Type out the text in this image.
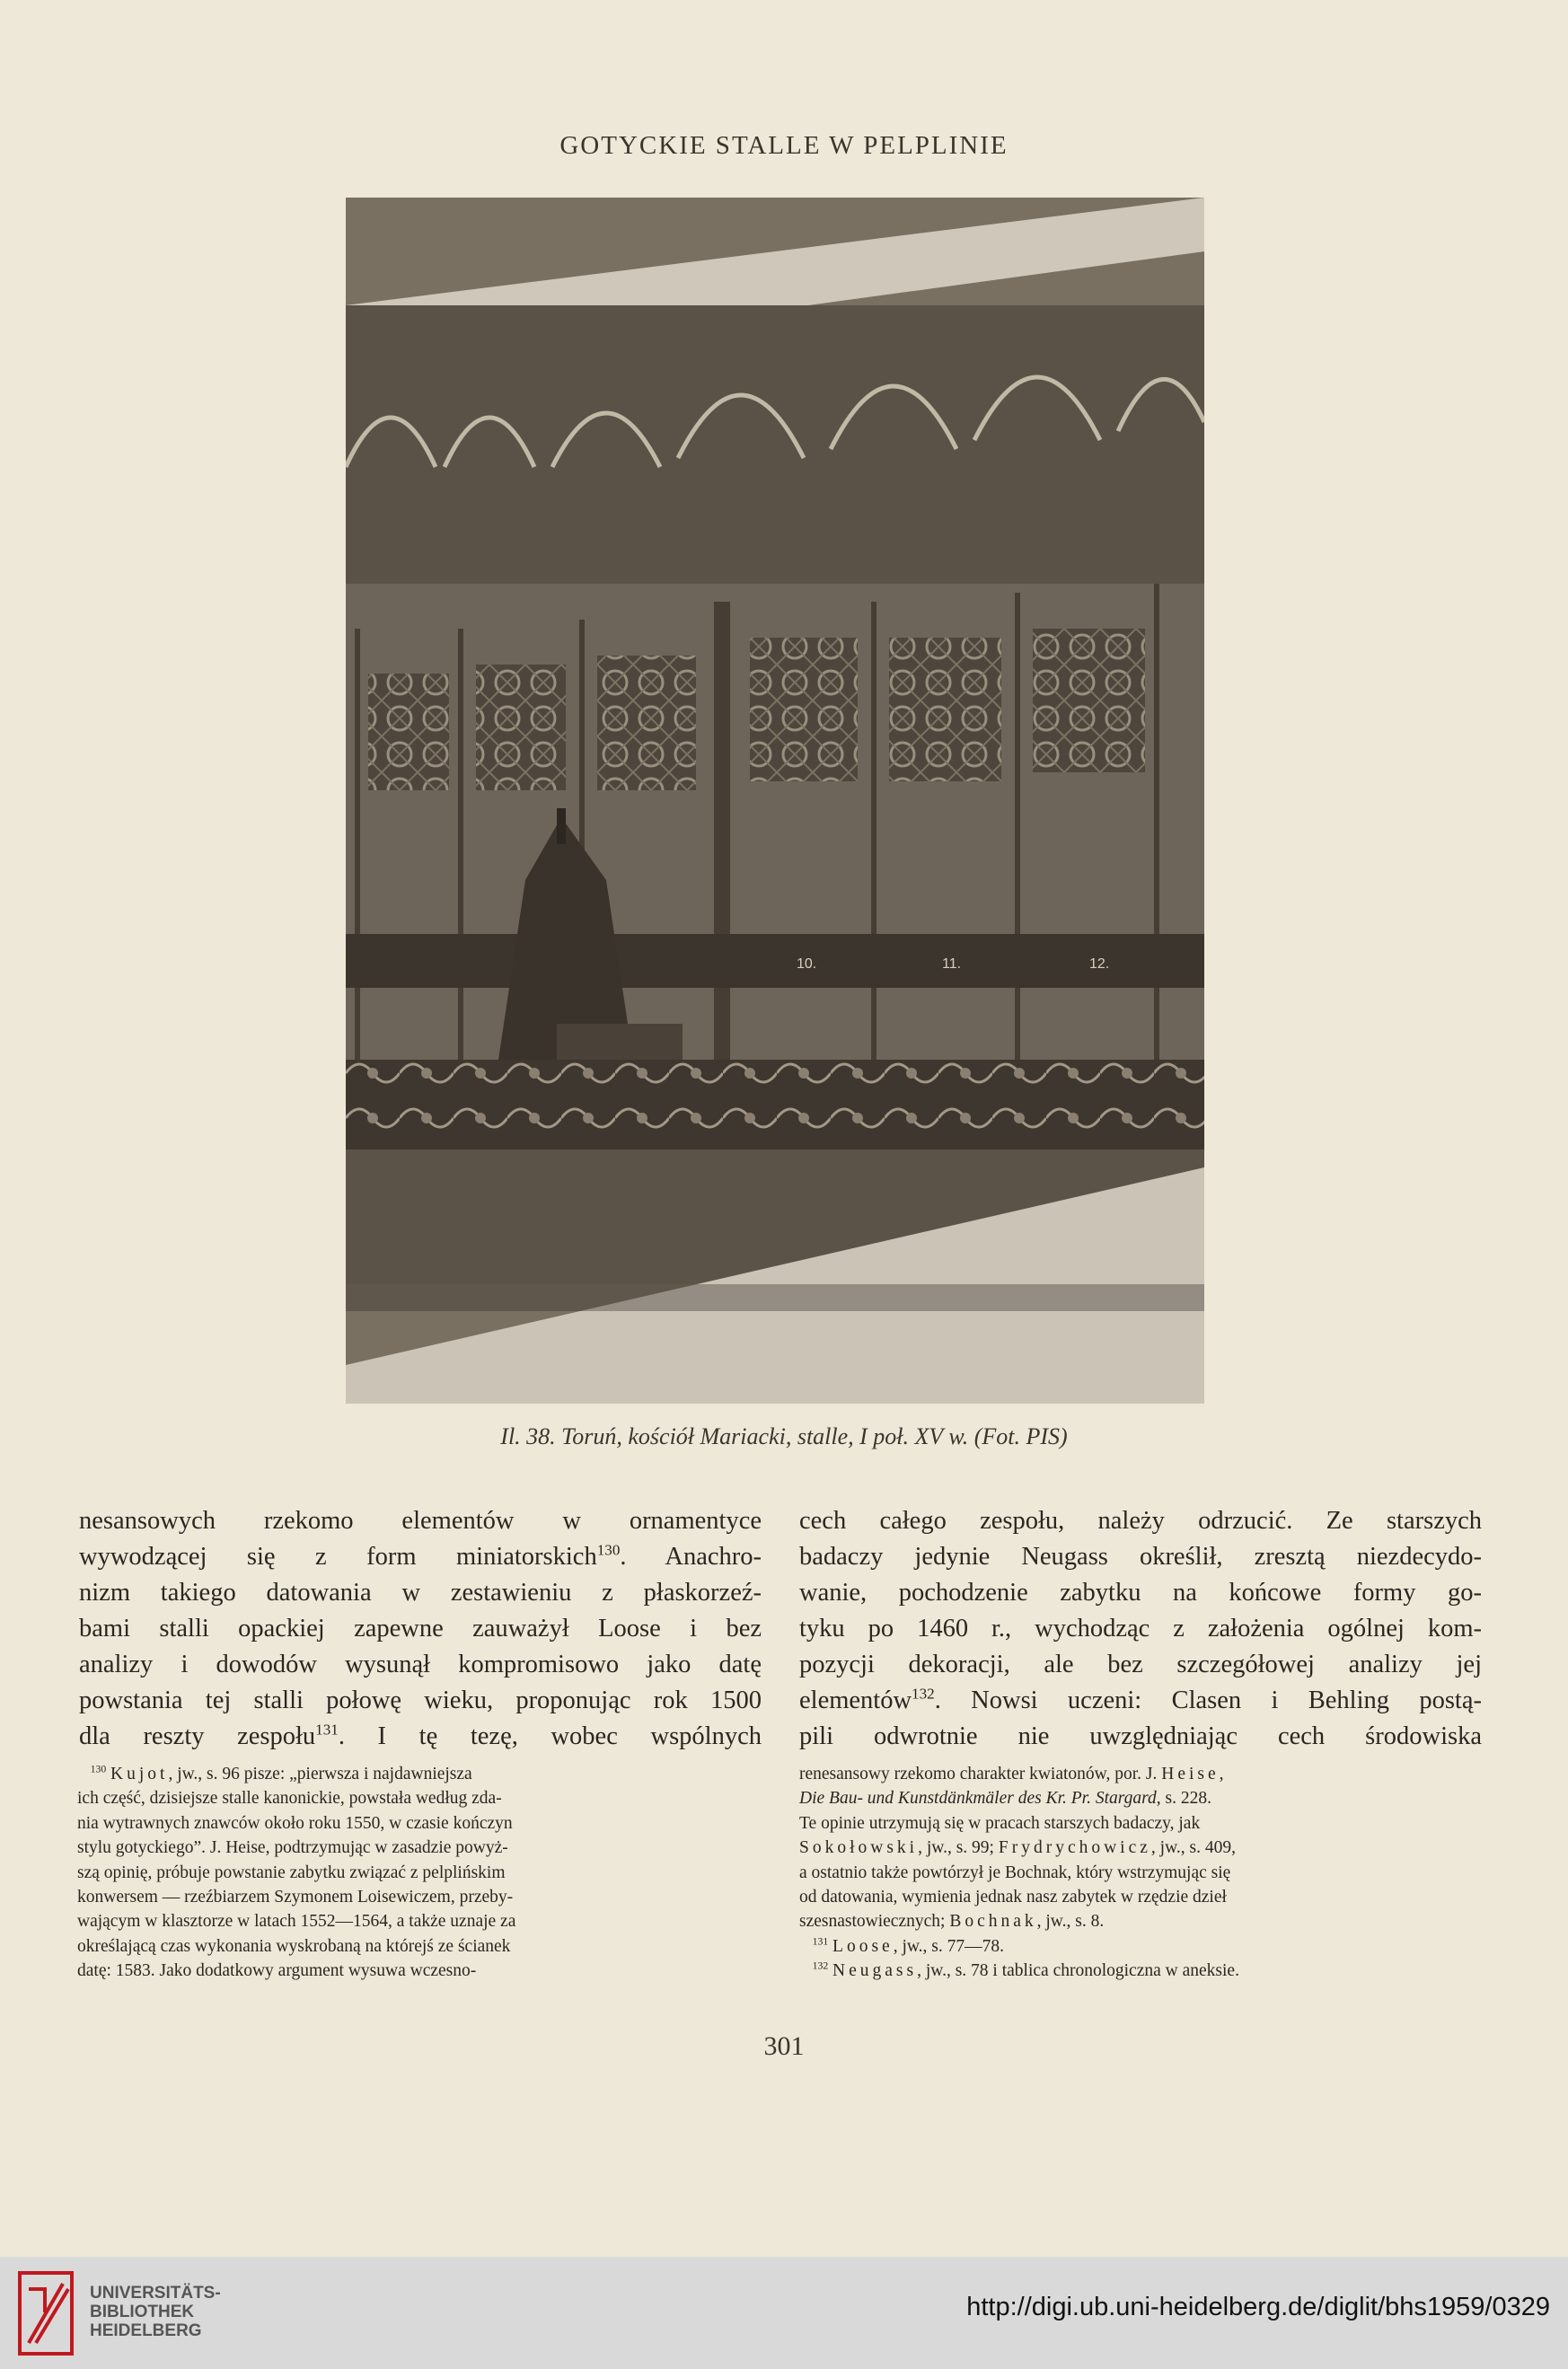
GOTYCKIE STALLE W PELPLINIE
10.	11.	12.
Il. 38. Toruń, kościół Mariacki, stalle, I poł. XV w. (Fot. PIS)

nesansowych rzekomo elementów w ornamentyce

wywodzącej się z form miniatorskich$^{130}$. Anachro-

nizm takiego datowania w zestawieniu z płaskorzeź-

bami stalli opackiej zapewne zauważył Loose i bez

analizy i dowodów wysunął kompromisowo jako datę

powstania tej stalli połowę wieku, proponując rok 1500

dla reszty zespołu$^{131}$. I tę tezę, wobec wspólnych

cech całego zespołu, należy odrzucić. Ze starszych

badaczy jedynie Neugass określił, zresztą niezdecydo-

wanie, pochodzenie zabytku na końcowe formy go-

tyku po 1460 r., wychodząc z założenia ogólnej kom-

pozycji dekoracji, ale bez szczegółowej analizy jej

elementów$^{132}$. Nowsi uczeni: Clasen i Behling postą-

pili odwrotnie nie uwzględniając cech środowiska

$^{130}$ Kujot, jw., s. 96 pisze: „pierwsza i najdawniejsza

ich część, dzisiejsze stalle kanonickie, powstała według zda-

nia wytrawnych znawców około roku 1550, w czasie kończyn

stylu gotyckiego”. J. Heise, podtrzymując w zasadzie powyż-

szą opinię, próbuje powstanie zabytku związać z pelplińskim

konwersem — rzeźbiarzem Szymonem Loisewiczem, przeby-

wającym w klasztorze w latach 1552—1564, a także uznaje za

określającą czas wykonania wyskrobaną na którejś ze ścianek

datę: 1583. Jako dodatkowy argument wysuwa wczesno-

renesansowy rzekomo charakter kwiatonów, por. J. Heise,

Die Bau- und Kunstdänkmäler des Kr. Pr. Stargard, s. 228.

Te opinie utrzymują się w pracach starszych badaczy, jak

Sokołowski, jw., s. 99; Frydrychowicz, jw., s. 409,

a ostatnio także powtórzył je Bochnak, który wstrzymując się

od datowania, wymienia jednak nasz zabytek w rzędzie dzieł

szesnastowiecznych; Bochnak, jw., s. 8.

$^{131}$ Loose, jw., s. 77—78.

$^{132}$ Neugass, jw., s. 78 i tablica chronologiczna w aneksie.

301
UNIVERSITÄTS-
BIBLIOTHEK
HEIDELBERG
http://digi.ub.uni-heidelberg.de/diglit/bhs1959/0329
